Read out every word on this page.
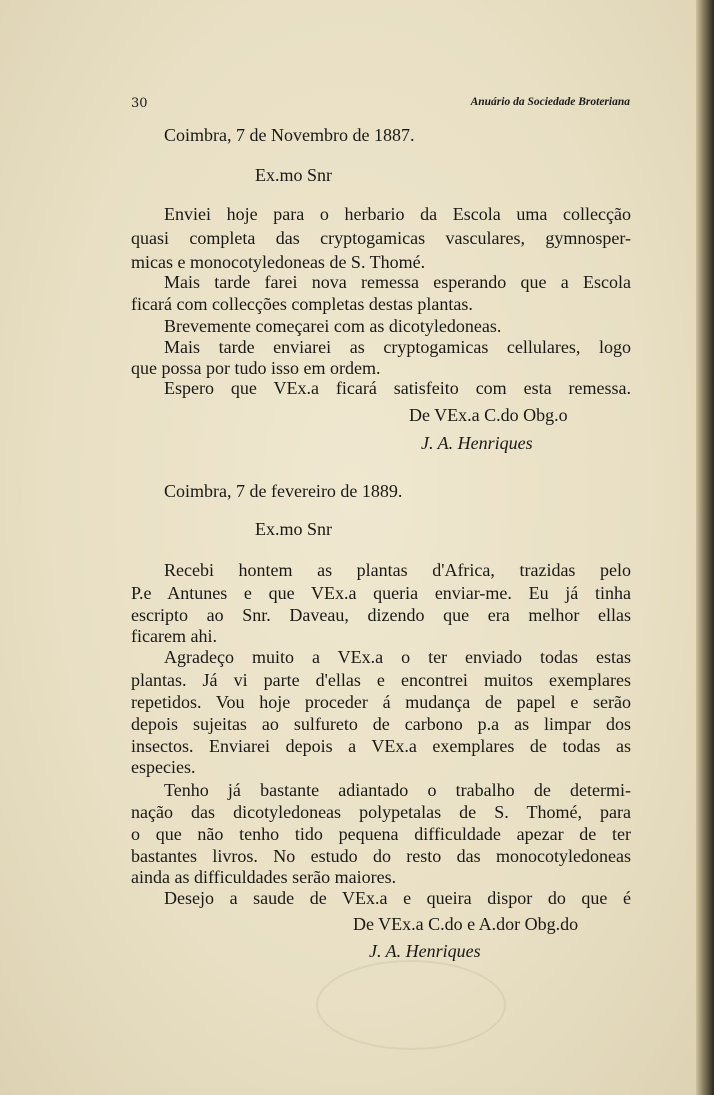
30	Anuário da Sociedade Broteriana
Coimbra, 7 de Novembro de 1887.
Ex.mo Snr
Enviei hoje para o herbario da Escola uma collecção
quasi completa das cryptogamicas vasculares, gymnosper-
micas e monocotyledoneas de S. Thomé.
Mais tarde farei nova remessa esperando que a Escola
ficará com collecções completas destas plantas.
Brevemente começarei com as dicotyledoneas.
Mais tarde enviarei as cryptogamicas cellulares, logo
que possa por tudo isso em ordem.
Espero que VEx.a ficará satisfeito com esta remessa.
De VEx.a C.do Obg.o
J. A. Henriques
Coimbra, 7 de fevereiro de 1889.
Ex.mo Snr
Recebi hontem as plantas d'Africa, trazidas pelo
P.e Antunes e que VEx.a queria enviar-me. Eu já tinha
escripto ao Snr. Daveau, dizendo que era melhor ellas
ficarem ahi.
Agradeço muito a VEx.a o ter enviado todas estas
plantas. Já vi parte d'ellas e encontrei muitos exemplares
repetidos. Vou hoje proceder á mudança de papel e serão
depois sujeitas ao sulfureto de carbono p.a as limpar dos
insectos. Enviarei depois a VEx.a exemplares de todas as
especies.
Tenho já bastante adiantado o trabalho de determi-
nação das dicotyledoneas polypetalas de S. Thomé, para
o que não tenho tido pequena difficuldade apezar de ter
bastantes livros. No estudo do resto das monocotyledoneas
ainda as difficuldades serão maiores.
Desejo a saude de VEx.a e queira dispor do que é
De VEx.a C.do e A.dor Obg.do
J. A. Henriques
